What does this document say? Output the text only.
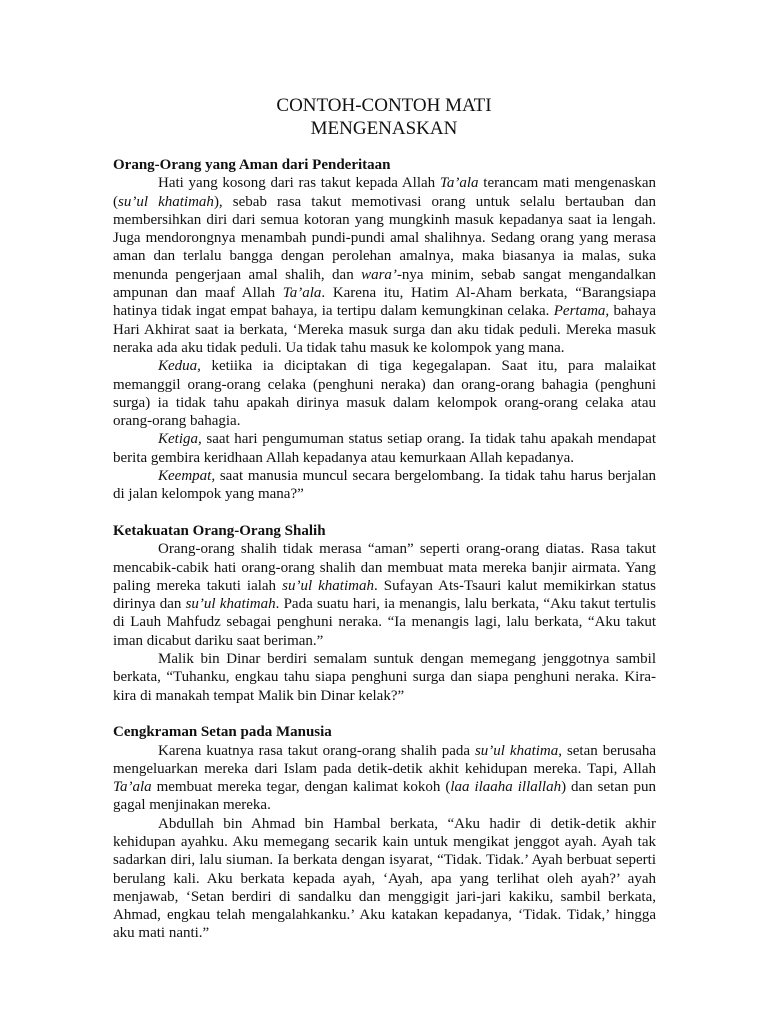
CONTOH-CONTOH MATI
MENGENASKAN

Orang-Orang yang Aman dari Penderitaan

Hati yang kosong dari ras takut kepada Allah Ta’ala terancam mati mengenaskan (su’ul khatimah), sebab rasa takut memotivasi orang untuk selalu bertauban dan membersihkan diri dari semua kotoran yang mungkinh masuk kepadanya saat ia lengah. Juga mendorongnya menambah pundi-pundi amal shalihnya. Sedang orang yang merasa aman dan terlalu bangga dengan perolehan amalnya, maka biasanya ia malas, suka menunda pengerjaan amal shalih, dan wara’-nya minim, sebab sangat mengandalkan ampunan dan maaf Allah Ta’ala. Karena itu, Hatim Al-Aham berkata, “Barangsiapa hatinya tidak ingat empat bahaya, ia tertipu dalam kemungkinan celaka. Pertama, bahaya Hari Akhirat saat ia berkata, ‘Mereka masuk surga dan aku tidak peduli. Mereka masuk neraka ada aku tidak peduli. Ua tidak tahu masuk ke kolompok yang mana.

Kedua, ketiika ia diciptakan di tiga kegegalapan. Saat itu, para malaikat memanggil orang-orang celaka (penghuni neraka) dan orang-orang bahagia (penghuni surga) ia tidak tahu apakah dirinya masuk dalam kelompok orang-orang celaka atau orang-orang bahagia.

Ketiga, saat hari pengumuman status setiap orang. Ia tidak tahu apakah mendapat berita gembira keridhaan Allah kepadanya atau kemurkaan Allah kepadanya.

Keempat, saat manusia muncul secara bergelombang. Ia tidak tahu harus berjalan di jalan kelompok yang mana?”

Ketakuatan Orang-Orang Shalih

Orang-orang shalih tidak merasa “aman” seperti orang-orang diatas. Rasa takut mencabik-cabik hati orang-orang shalih dan membuat mata mereka banjir airmata. Yang paling mereka takuti ialah su’ul khatimah. Sufayan Ats-Tsauri kalut memikirkan status dirinya dan su’ul khatimah. Pada suatu hari, ia menangis, lalu berkata, “Aku takut tertulis di Lauh Mahfudz sebagai penghuni neraka. “Ia menangis lagi, lalu berkata, “Aku takut iman dicabut dariku saat beriman.”

Malik bin Dinar berdiri semalam suntuk dengan memegang jenggotnya sambil berkata, “Tuhanku, engkau tahu siapa penghuni surga dan siapa penghuni neraka. Kira-kira di manakah tempat Malik bin Dinar kelak?”

Cengkraman Setan pada Manusia

Karena kuatnya rasa takut orang-orang shalih pada su’ul khatima, setan berusaha mengeluarkan mereka dari Islam pada detik-detik akhit kehidupan mereka. Tapi, Allah Ta’ala membuat mereka tegar, dengan kalimat kokoh (laa ilaaha illallah) dan setan pun gagal menjinakan mereka.

Abdullah bin Ahmad bin Hambal berkata, “Aku hadir di detik-detik akhir kehidupan ayahku. Aku memegang secarik kain untuk mengikat jenggot ayah. Ayah tak sadarkan diri, lalu siuman. Ia berkata dengan isyarat, “Tidak. Tidak.’ Ayah berbuat seperti berulang kali. Aku berkata kepada ayah, ‘Ayah, apa yang terlihat oleh ayah?’ ayah menjawab, ‘Setan berdiri di sandalku dan menggigit jari-jari kakiku, sambil berkata, Ahmad, engkau telah mengalahkanku.’ Aku katakan kepadanya, ‘Tidak. Tidak,’ hingga aku mati nanti.”
